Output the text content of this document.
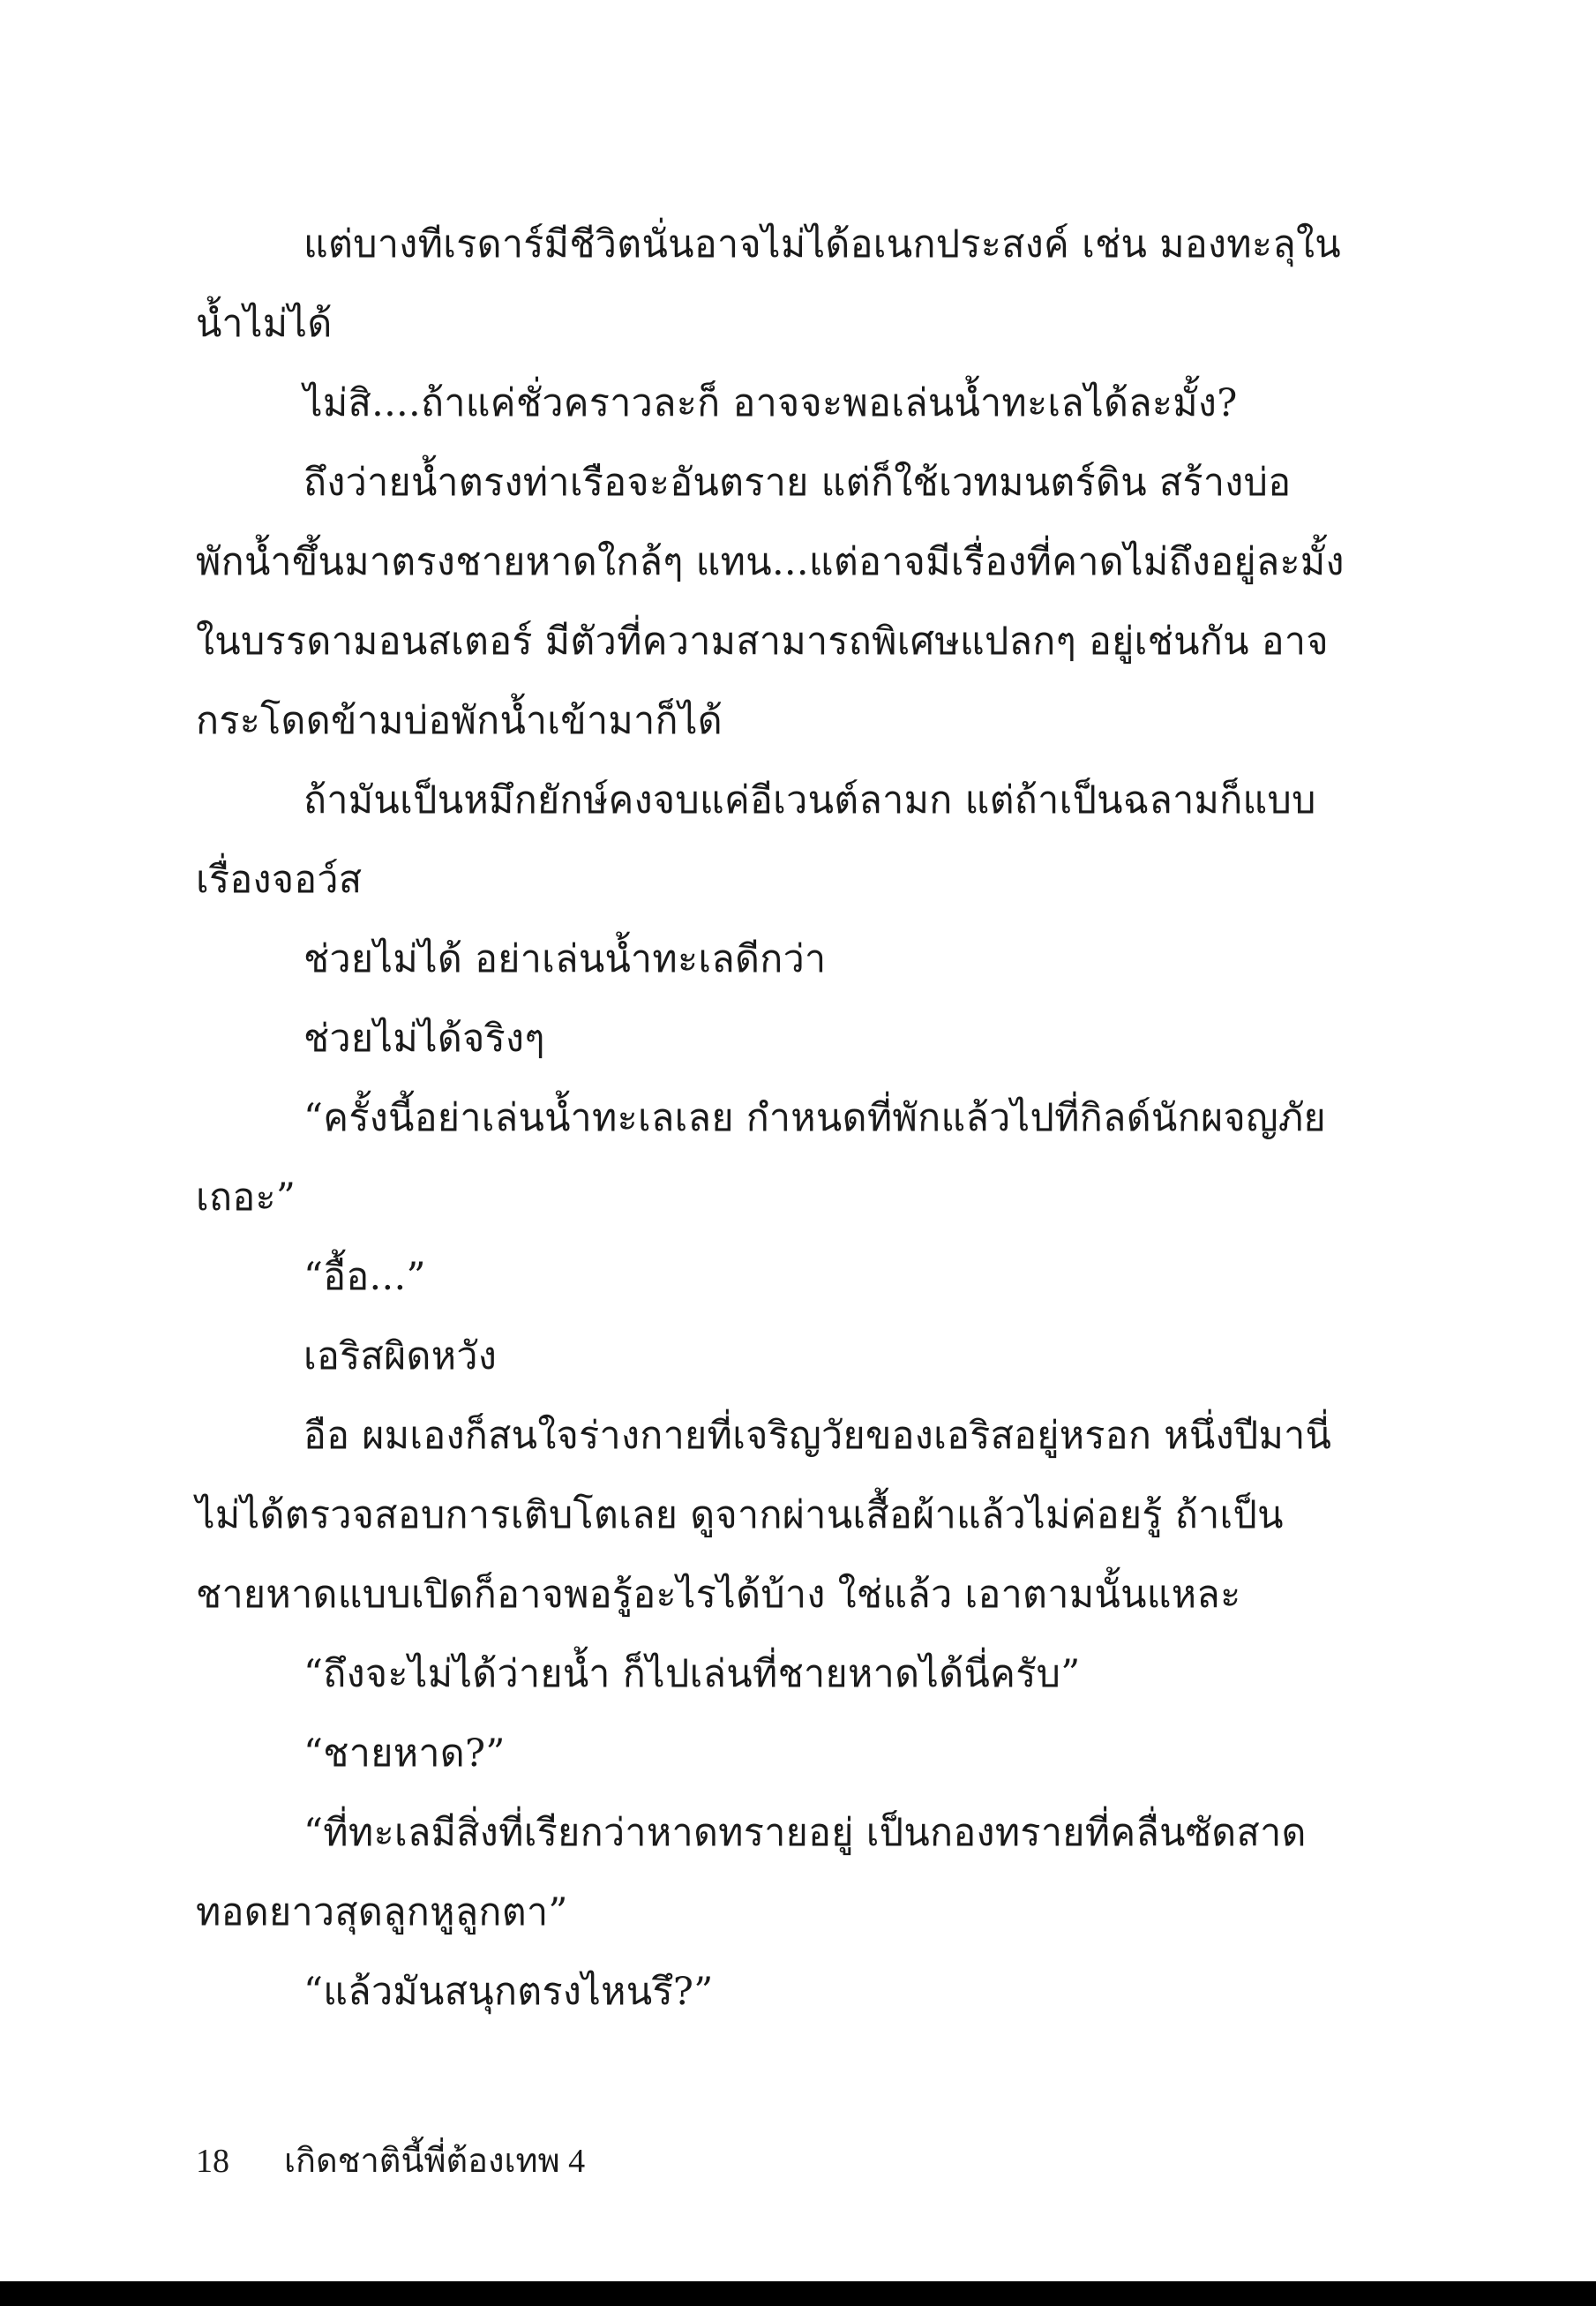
แต่บางทีเรดาร์มีชีวิตนั่นอาจไม่ได้อเนกประสงค์ เช่น มองทะลุใน
น้ำไม่ได้
ไม่สิ....ถ้าแค่ชั่วคราวละก็ อาจจะพอเล่นน้ำทะเลได้ละมั้ง?
ถึงว่ายน้ำตรงท่าเรือจะอันตราย แต่ก็ใช้เวทมนตร์ดิน สร้างบ่อ
พักน้ำขึ้นมาตรงชายหาดใกล้ๆ แทน...แต่อาจมีเรื่องที่คาดไม่ถึงอยู่ละมั้ง
ในบรรดามอนสเตอร์ มีตัวที่ความสามารถพิเศษแปลกๆ อยู่เช่นกัน อาจ
กระโดดข้ามบ่อพักน้ำเข้ามาก็ได้
ถ้ามันเป็นหมึกยักษ์คงจบแค่อีเวนต์ลามก แต่ถ้าเป็นฉลามก็แบบ
เรื่องจอว์ส
ช่วยไม่ได้ อย่าเล่นน้ำทะเลดีกว่า
ช่วยไม่ได้จริงๆ
“ครั้งนี้อย่าเล่นน้ำทะเลเลย กำหนดที่พักแล้วไปที่กิลด์นักผจญภัย
เถอะ”
“อื้อ...”
เอริสผิดหวัง
อือ ผมเองก็สนใจร่างกายที่เจริญวัยของเอริสอยู่หรอก หนึ่งปีมานี่
ไม่ได้ตรวจสอบการเติบโตเลย ดูจากผ่านเสื้อผ้าแล้วไม่ค่อยรู้ ถ้าเป็น
ชายหาดแบบเปิดก็อาจพอรู้อะไรได้บ้าง ใช่แล้ว เอาตามนั้นแหละ
“ถึงจะไม่ได้ว่ายน้ำ ก็ไปเล่นที่ชายหาดได้นี่ครับ”
“ชายหาด?”
“ที่ทะเลมีสิ่งที่เรียกว่าหาดทรายอยู่ เป็นกองทรายที่คลื่นซัดสาด
ทอดยาวสุดลูกหูลูกตา”
“แล้วมันสนุกตรงไหนรึ?”
18 เกิดชาตินี้พี่ต้องเทพ 4
